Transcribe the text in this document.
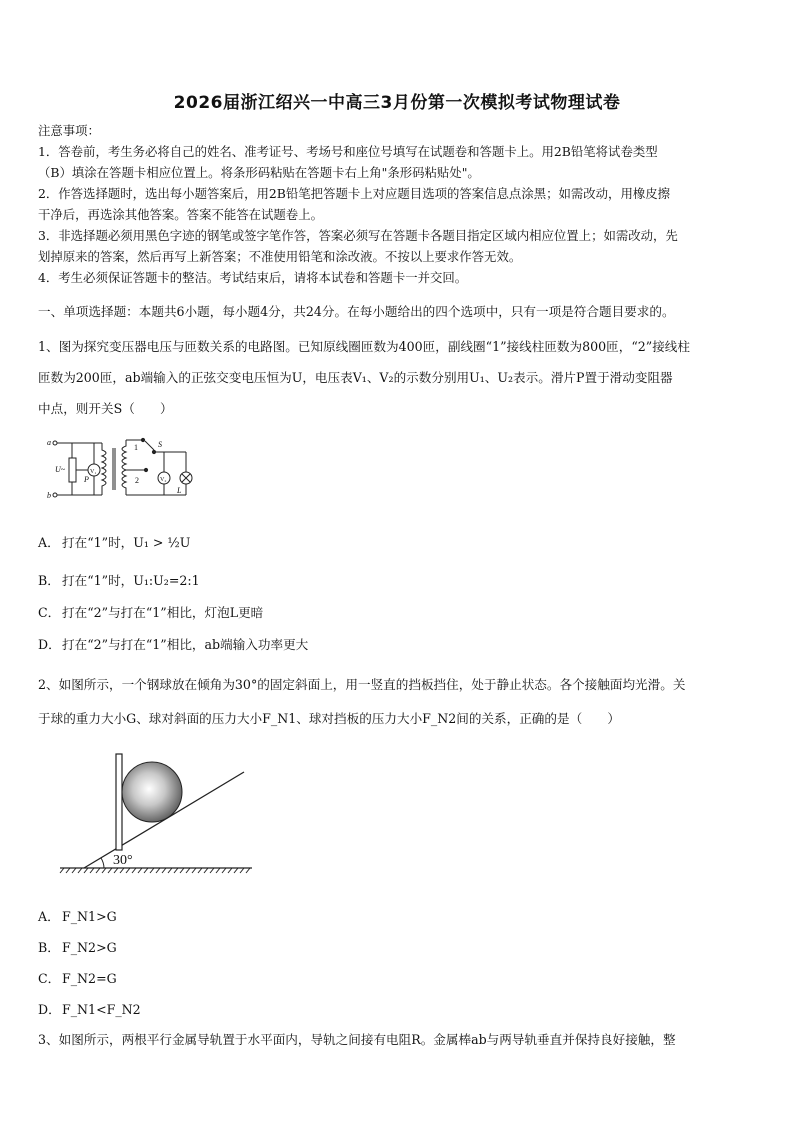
2026届浙江绍兴一中高三3月份第一次模拟考试物理试卷

注意事项：

1．答卷前，考生务必将自己的姓名、准考证号、考场号和座位号填写在试题卷和答题卡上。用2B铅笔将试卷类型

（B）填涂在答题卡相应位置上。将条形码粘贴在答题卡右上角"条形码粘贴处"。

2．作答选择题时，选出每小题答案后，用2B铅笔把答题卡上对应题目选项的答案信息点涂黑；如需改动，用橡皮擦

干净后，再选涂其他答案。答案不能答在试题卷上。

3．非选择题必须用黑色字迹的钢笔或签字笔作答，答案必须写在答题卡各题目指定区域内相应位置上；如需改动，先

划掉原来的答案，然后再写上新答案；不准使用铅笔和涂改液。不按以上要求作答无效。

4．考生必须保证答题卡的整洁。考试结束后，请将本试卷和答题卡一并交回。

一、单项选择题：本题共6小题，每小题4分，共24分。在每小题给出的四个选项中，只有一项是符合题目要求的。

1、图为探究变压器电压与匝数关系的电路图。已知原线圈匝数为400匝，副线圈“1”接线柱匝数为800匝，“2”接线柱

匝数为200匝，ab端输入的正弦交变电压恒为U，电压表V₁、V₂的示数分别用U₁、U₂表示。滑片P置于滑动变阻器

中点，则开关S（　　）

a
b
U~
P
V₁
V₂
S
1
2
L
A． 打在“1”时，U₁ > ½U
B． 打在“1”时，U₁:U₂=2:1
C． 打在“2”与打在“1”相比，灯泡L更暗
D．打在“2”与打在“1”相比，ab端输入功率更大

2、如图所示，一个钢球放在倾角为30°的固定斜面上，用一竖直的挡板挡住，处于静止状态。各个接触面均光滑。关

于球的重力大小G、球对斜面的压力大小F_N1、球对挡板的压力大小F_N2间的关系，正确的是（　　）

30°
A． F_N1>G
B． F_N2>G
C． F_N2=G
D．F_N1<F_N2

3、如图所示，两根平行金属导轨置于水平面内，导轨之间接有电阻R。金属棒ab与两导轨垂直并保持良好接触，整
